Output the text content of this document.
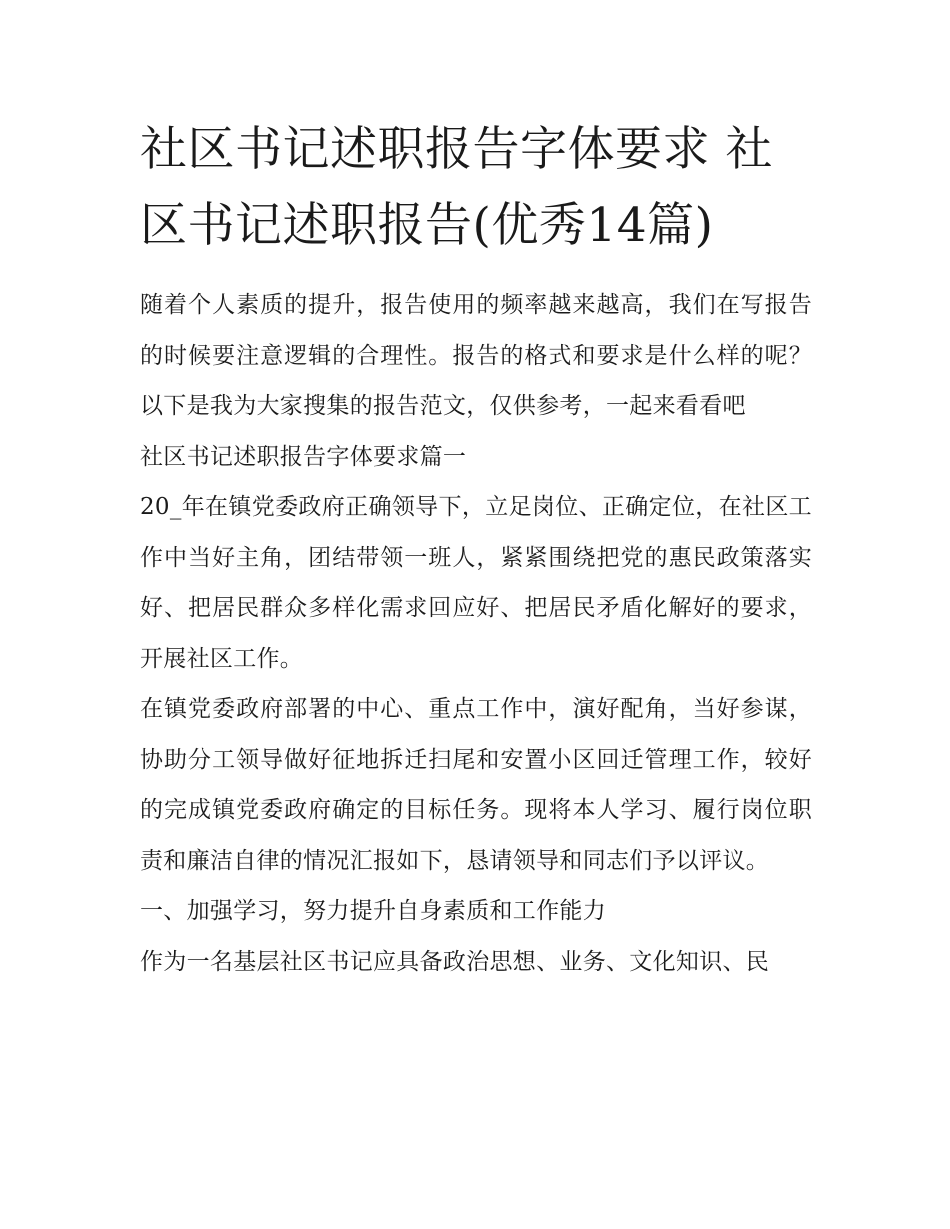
社区书记述职报告字体要求 社区书记述职报告(优秀14篇)

随着个人素质的提升，报告使用的频率越来越高，我们在写报告的时候要注意逻辑的合理性。报告的格式和要求是什么样的呢？以下是我为大家搜集的报告范文，仅供参考，一起来看看吧

社区书记述职报告字体要求篇一

20_年在镇党委政府正确领导下，立足岗位、正确定位，在社区工作中当好主角，团结带领一班人，紧紧围绕把党的惠民政策落实好、把居民群众多样化需求回应好、把居民矛盾化解好的要求，开展社区工作。

在镇党委政府部署的中心、重点工作中，演好配角，当好参谋，协助分工领导做好征地拆迁扫尾和安置小区回迁管理工作，较好的完成镇党委政府确定的目标任务。现将本人学习、履行岗位职责和廉洁自律的情况汇报如下，恳请领导和同志们予以评议。

一、加强学习，努力提升自身素质和工作能力

作为一名基层社区书记应具备政治思想、业务、文化知识、民
